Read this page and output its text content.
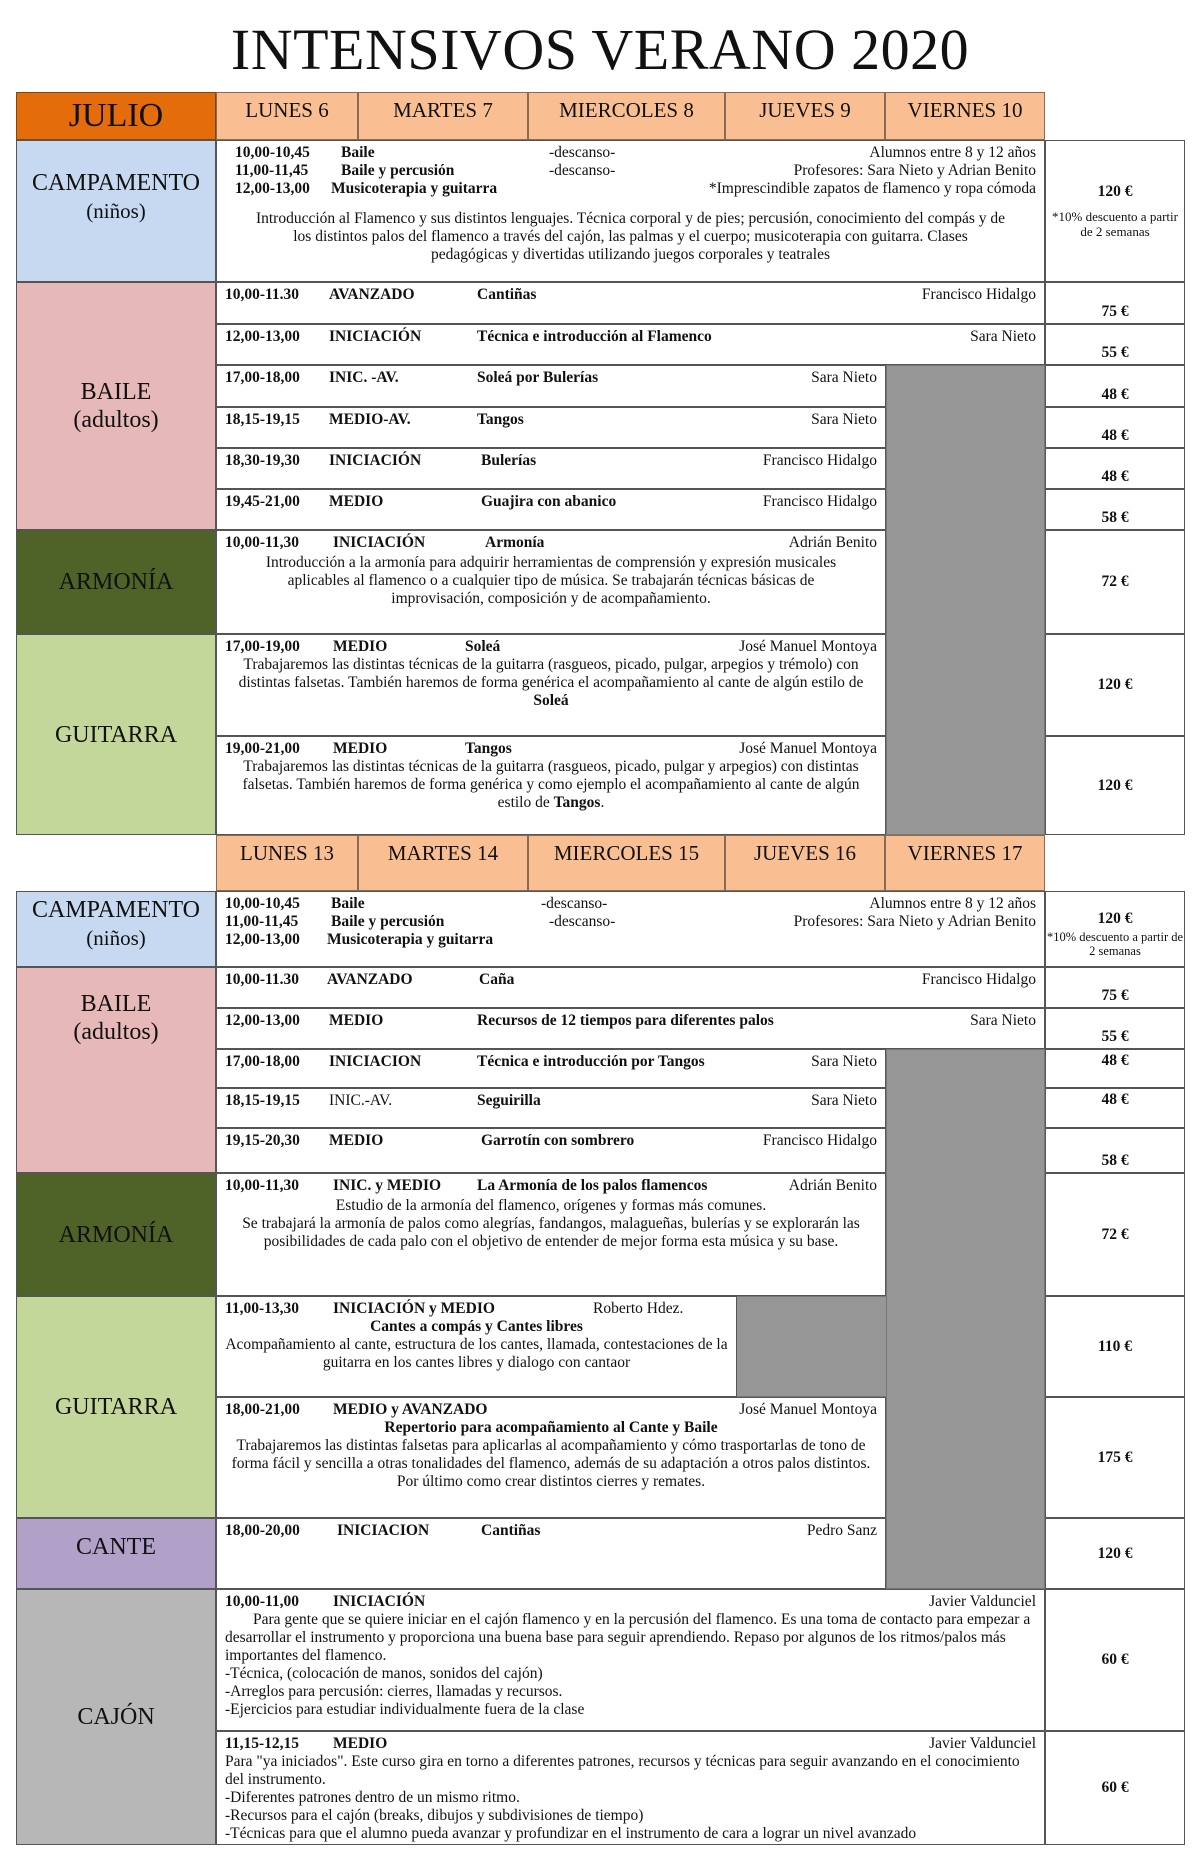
INTENSIVOS VERANO 2020
JULIO	LUNES 6	MARTES 7	MIERCOLES 8	JUEVES 9	VIERNES 10
CAMPAMENTO
(niños)
10,00-10,45 Baile	-descanso-	Alumnos entre 8 y 12 años
11,00-11,45 Baile y percusión	-descanso-	Profesores: Sara Nieto y Adrian Benito
12,00-13,00 Musicoterapia y guitarra	*Imprescindible zapatos de flamenco y ropa cómoda
Introducción al Flamenco y sus distintos lenguajes. Técnica corporal y de pies; percusión, conocimiento del compás y de los distintos palos del flamenco a través del cajón, las palmas y el cuerpo; musicoterapia con guitarra. Clases pedagógicas y divertidas utilizando juegos corporales y teatrales
120 €
*10% descuento a partir de 2 semanas
BAILE
(adultos)
10,00-11.30 AVANZADO	Cantiñas	Francisco Hidalgo
75 €
12,00-13,00 INICIACIÓN	Técnica e introducción al Flamenco	Sara Nieto
55 €
17,00-18,00 INIC. -AV.	Soleá por Bulerías	Sara Nieto
48 €
18,15-19,15 MEDIO-AV.	Tangos	Sara Nieto
48 €
18,30-19,30 INICIACIÓN	Bulerías	Francisco Hidalgo
48 €
19,45-21,00 MEDIO	Guajira con abanico	Francisco Hidalgo
58 €
ARMONÍA
10,00-11,30 INICIACIÓN	Armonía	Adrián Benito
Introducción a la armonía para adquirir herramientas de comprensión y expresión musicales aplicables al flamenco o a cualquier tipo de música. Se trabajarán técnicas básicas de improvisación, composición y de acompañamiento.
72 €
GUITARRA
17,00-19,00 MEDIO	Soleá	José Manuel Montoya
Trabajaremos las distintas técnicas de la guitarra (rasgueos, picado, pulgar, arpegios y trémolo) con distintas falsetas. También haremos de forma genérica el acompañamiento al cante de algún estilo de Soleá
120 €
19,00-21,00 MEDIO	Tangos	José Manuel Montoya
Trabajaremos las distintas técnicas de la guitarra (rasgueos, picado, pulgar y arpegios) con distintas falsetas. También haremos de forma genérica y como ejemplo el acompañamiento al cante de algún estilo de Tangos.
120 €
LUNES 13	MARTES 14	MIERCOLES 15	JUEVES 16	VIERNES 17
CAMPAMENTO
(niños)
10,00-10,45 Baile	-descanso-	Alumnos entre 8 y 12 años
11,00-11,45 Baile y percusión	-descanso-	Profesores: Sara Nieto y Adrian Benito
12,00-13,00 Musicoterapia y guitarra
120 €
*10% descuento a partir de 2 semanas
BAILE
(adultos)
10,00-11.30 AVANZADO	Caña	Francisco Hidalgo
75 €
12,00-13,00 MEDIO	Recursos de 12 tiempos para diferentes palos	Sara Nieto
55 €
17,00-18,00 INICIACION	Técnica e introducción por Tangos	Sara Nieto	48 €
18,15-19,15 INIC.-AV.	Seguirilla	Sara Nieto	48 €
19,15-20,30 MEDIO	Garrotín con sombrero	Francisco Hidalgo
58 €
ARMONÍA
10,00-11,30 INIC. y MEDIO La Armonía de los palos flamencos	Adrián Benito
Estudio de la armonía del flamenco, orígenes y formas más comunes.
Se trabajará la armonía de palos como alegrías, fandangos, malagueñas, bulerías y se explorarán las posibilidades de cada palo con el objetivo de entender de mejor forma esta música y su base.	72 €
GUITARRA
11,00-13,30 INICIACIÓN y MEDIO	Roberto Hdez.
Cantes a compás y Cantes libres
Acompañamiento al cante, estructura de los cantes, llamada, contestaciones de la guitarra en los cantes libres y dialogo con cantaor
110 €
18,00-21,00 MEDIO y AVANZADO	José Manuel Montoya
Repertorio para acompañamiento al Cante y Baile
Trabajaremos las distintas falsetas para aplicarlas al acompañamiento y cómo trasportarlas de tono de forma fácil y sencilla a otras tonalidades del flamenco, además de su adaptación a otros palos distintos. Por último como crear distintos cierres y remates.
175 €
CANTE
18,00-20,00 INICIACION	Cantiñas	Pedro Sanz
120 €
CAJÓN
10,00-11,00 INICIACIÓN	Javier Valdunciel
Para gente que se quiere iniciar en el cajón flamenco y en la percusión del flamenco. Es una toma de contacto para empezar a desarrollar el instrumento y proporciona una buena base para seguir aprendiendo. Repaso por algunos de los ritmos/palos más importantes del flamenco.
-Técnica, (colocación de manos, sonidos del cajón)
-Arreglos para percusión: cierres, llamadas y recursos.
-Ejercicios para estudiar individualmente fuera de la clase
60 €
11,15-12,15 MEDIO	Javier Valdunciel
Para "ya iniciados". Este curso gira en torno a diferentes patrones, recursos y técnicas para seguir avanzando en el conocimiento del instrumento.
-Diferentes patrones dentro de un mismo ritmo.
-Recursos para el cajón (breaks, dibujos y subdivisiones de tiempo)
-Técnicas para que el alumno pueda avanzar y profundizar en el instrumento de cara a lograr un nivel avanzado
60 €
